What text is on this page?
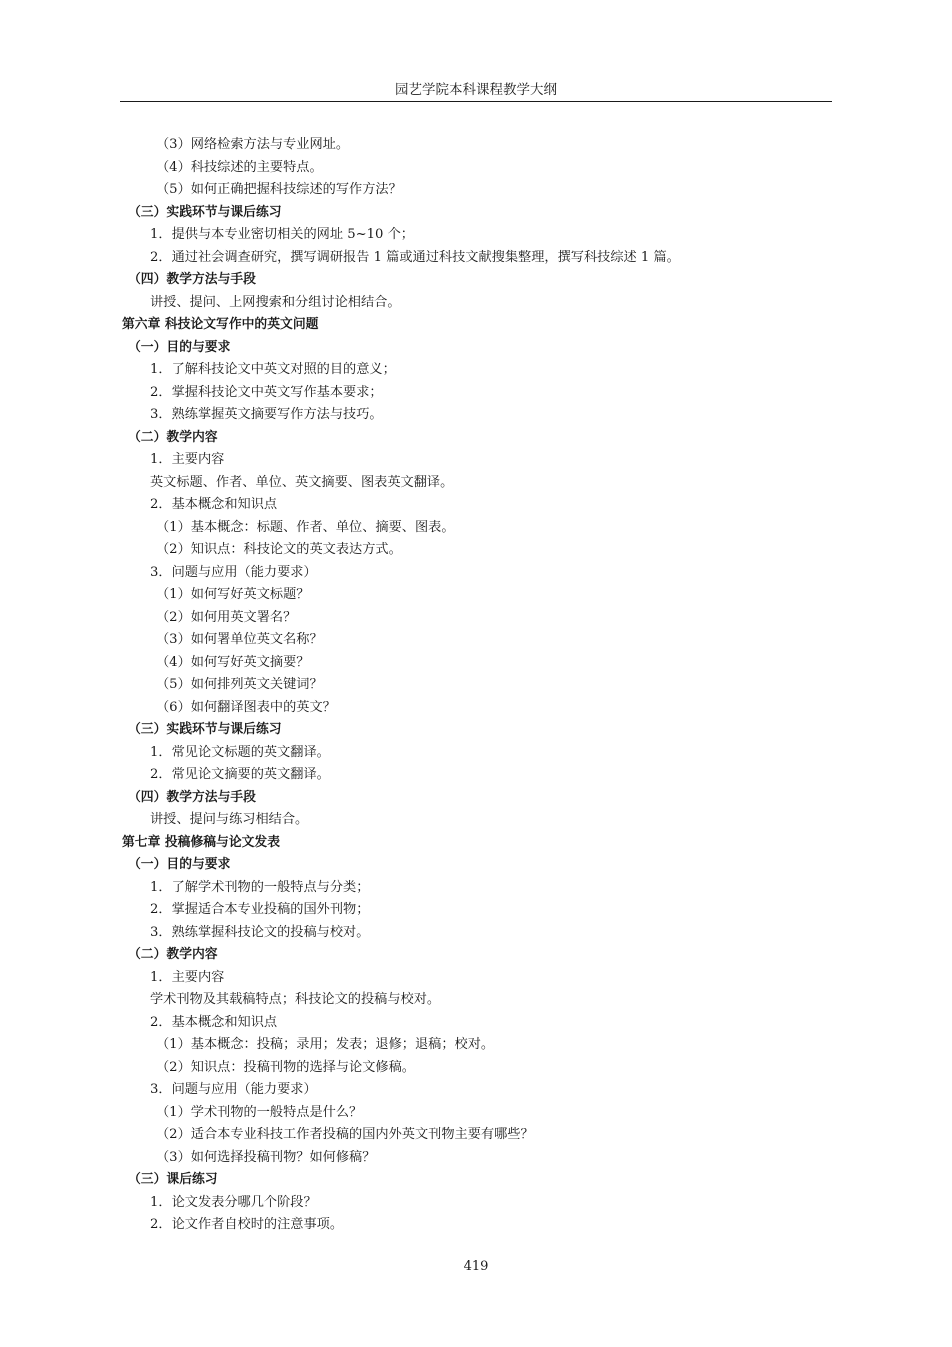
园艺学院本科课程教学大纲
（3）网络检索方法与专业网址。
（4）科技综述的主要特点。
（5）如何正确把握科技综述的写作方法？
（三）实践环节与课后练习
1．提供与本专业密切相关的网址 5~10 个；
2．通过社会调查研究，撰写调研报告 1 篇或通过科技文献搜集整理，撰写科技综述 1 篇。
（四）教学方法与手段
讲授、提问、上网搜索和分组讨论相结合。
第六章 科技论文写作中的英文问题
（一）目的与要求
1．了解科技论文中英文对照的目的意义；
2．掌握科技论文中英文写作基本要求；
3．熟练掌握英文摘要写作方法与技巧。
（二）教学内容
1．主要内容
英文标题、作者、单位、英文摘要、图表英文翻译。
2．基本概念和知识点
（1）基本概念：标题、作者、单位、摘要、图表。
（2）知识点：科技论文的英文表达方式。
3．问题与应用（能力要求）
（1）如何写好英文标题？
（2）如何用英文署名？
（3）如何署单位英文名称？
（4）如何写好英文摘要？
（5）如何排列英文关键词？
（6）如何翻译图表中的英文？
（三）实践环节与课后练习
1．常见论文标题的英文翻译。
2．常见论文摘要的英文翻译。
（四）教学方法与手段
讲授、提问与练习相结合。
第七章 投稿修稿与论文发表
（一）目的与要求
1．了解学术刊物的一般特点与分类；
2．掌握适合本专业投稿的国外刊物；
3．熟练掌握科技论文的投稿与校对。
（二）教学内容
1．主要内容
学术刊物及其载稿特点；科技论文的投稿与校对。
2．基本概念和知识点
（1）基本概念：投稿；录用；发表；退修；退稿；校对。
（2）知识点：投稿刊物的选择与论文修稿。
3．问题与应用（能力要求）
（1）学术刊物的一般特点是什么？
（2）适合本专业科技工作者投稿的国内外英文刊物主要有哪些？
（3）如何选择投稿刊物？如何修稿？
（三）课后练习
1．论文发表分哪几个阶段？
2．论文作者自校时的注意事项。
419
